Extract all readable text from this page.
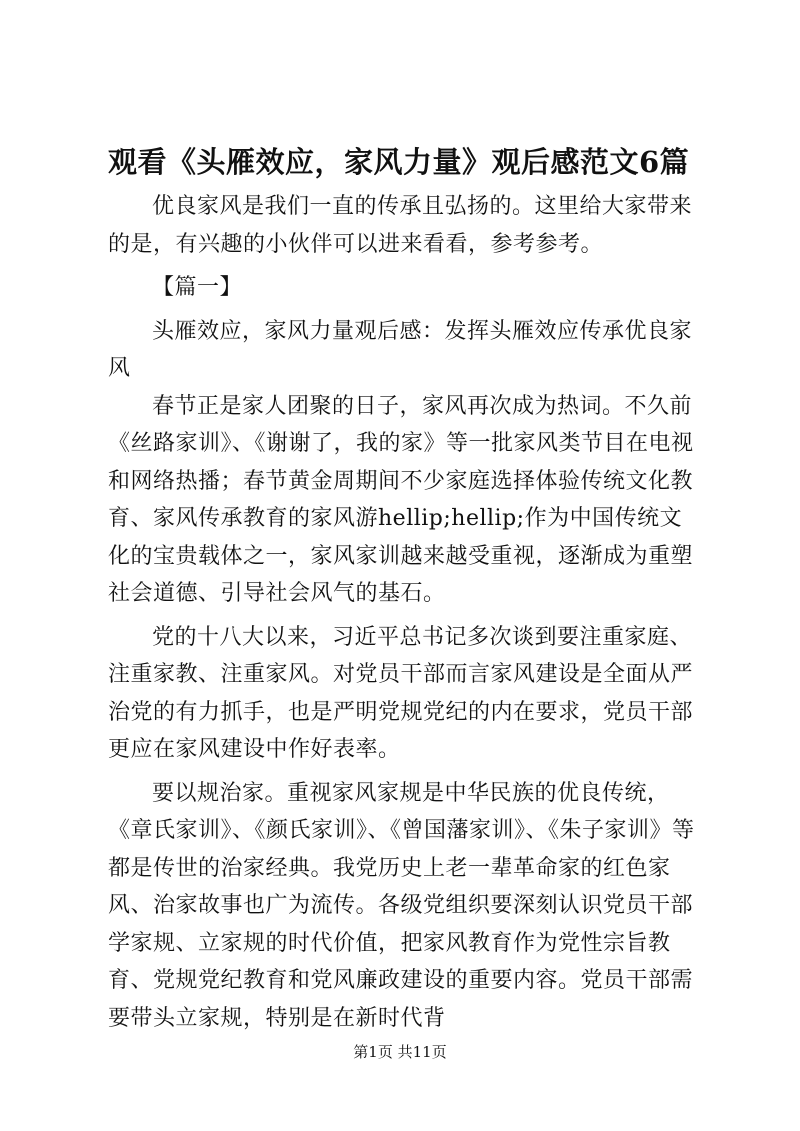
观看《头雁效应，家风力量》观后感范文6篇

优良家风是我们一直的传承且弘扬的。这里给大家带来的是，有兴趣的小伙伴可以进来看看，参考参考。

【篇一】

头雁效应，家风力量观后感：发挥头雁效应传承优良家风

春节正是家人团聚的日子，家风再次成为热词。不久前《丝路家训》、《谢谢了，我的家》等一批家风类节目在电视和网络热播；春节黄金周期间不少家庭选择体验传统文化教育、家风传承教育的家风游hellip;hellip;作为中国传统文化的宝贵载体之一，家风家训越来越受重视，逐渐成为重塑社会道德、引导社会风气的基石。

党的十八大以来，习近平总书记多次谈到要注重家庭、注重家教、注重家风。对党员干部而言家风建设是全面从严治党的有力抓手，也是严明党规党纪的内在要求，党员干部更应在家风建设中作好表率。

要以规治家。重视家风家规是中华民族的优良传统，《章氏家训》、《颜氏家训》、《曾国藩家训》、《朱子家训》等都是传世的治家经典。我党历史上老一辈革命家的红色家风、治家故事也广为流传。各级党组织要深刻认识党员干部学家规、立家规的时代价值，把家风教育作为党性宗旨教育、党规党纪教育和党风廉政建设的重要内容。党员干部需要带头立家规，特别是在新时代背

第1页 共11页
